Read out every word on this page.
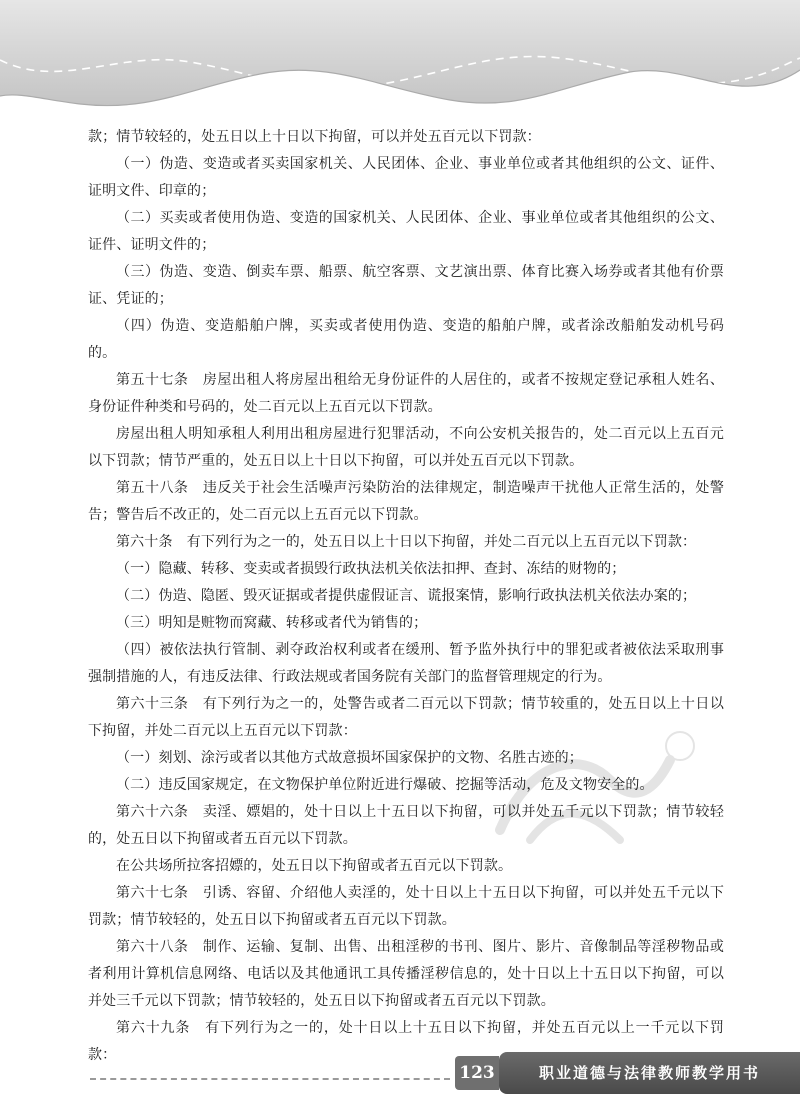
款；情节较轻的，处五日以上十日以下拘留，可以并处五百元以下罚款：

（一）伪造、变造或者买卖国家机关、人民团体、企业、事业单位或者其他组织的公文、证件、证明文件、印章的；

（二）买卖或者使用伪造、变造的国家机关、人民团体、企业、事业单位或者其他组织的公文、证件、证明文件的；

（三）伪造、变造、倒卖车票、船票、航空客票、文艺演出票、体育比赛入场券或者其他有价票证、凭证的；

（四）伪造、变造船舶户牌，买卖或者使用伪造、变造的船舶户牌，或者涂改船舶发动机号码的。

第五十七条　房屋出租人将房屋出租给无身份证件的人居住的，或者不按规定登记承租人姓名、身份证件种类和号码的，处二百元以上五百元以下罚款。

房屋出租人明知承租人利用出租房屋进行犯罪活动，不向公安机关报告的，处二百元以上五百元以下罚款；情节严重的，处五日以上十日以下拘留，可以并处五百元以下罚款。

第五十八条　违反关于社会生活噪声污染防治的法律规定，制造噪声干扰他人正常生活的，处警告；警告后不改正的，处二百元以上五百元以下罚款。

第六十条　有下列行为之一的，处五日以上十日以下拘留，并处二百元以上五百元以下罚款：

（一）隐藏、转移、变卖或者损毁行政执法机关依法扣押、查封、冻结的财物的；

（二）伪造、隐匿、毁灭证据或者提供虚假证言、谎报案情，影响行政执法机关依法办案的；

（三）明知是赃物而窝藏、转移或者代为销售的；

（四）被依法执行管制、剥夺政治权利或者在缓刑、暂予监外执行中的罪犯或者被依法采取刑事强制措施的人，有违反法律、行政法规或者国务院有关部门的监督管理规定的行为。

第六十三条　有下列行为之一的，处警告或者二百元以下罚款；情节较重的，处五日以上十日以下拘留，并处二百元以上五百元以下罚款：

（一）刻划、涂污或者以其他方式故意损坏国家保护的文物、名胜古迹的；

（二）违反国家规定，在文物保护单位附近进行爆破、挖掘等活动，危及文物安全的。

第六十六条　卖淫、嫖娼的，处十日以上十五日以下拘留，可以并处五千元以下罚款；情节较轻的，处五日以下拘留或者五百元以下罚款。

在公共场所拉客招嫖的，处五日以下拘留或者五百元以下罚款。

第六十七条　引诱、容留、介绍他人卖淫的，处十日以上十五日以下拘留，可以并处五千元以下罚款；情节较轻的，处五日以下拘留或者五百元以下罚款。

第六十八条　制作、运输、复制、出售、出租淫秽的书刊、图片、影片、音像制品等淫秽物品或者利用计算机信息网络、电话以及其他通讯工具传播淫秽信息的，处十日以上十五日以下拘留，可以并处三千元以下罚款；情节较轻的，处五日以下拘留或者五百元以下罚款。

第六十九条　有下列行为之一的，处十日以上十五日以下拘留，并处五百元以上一千元以下罚款：

123	职业道德与法律教师教学用书
